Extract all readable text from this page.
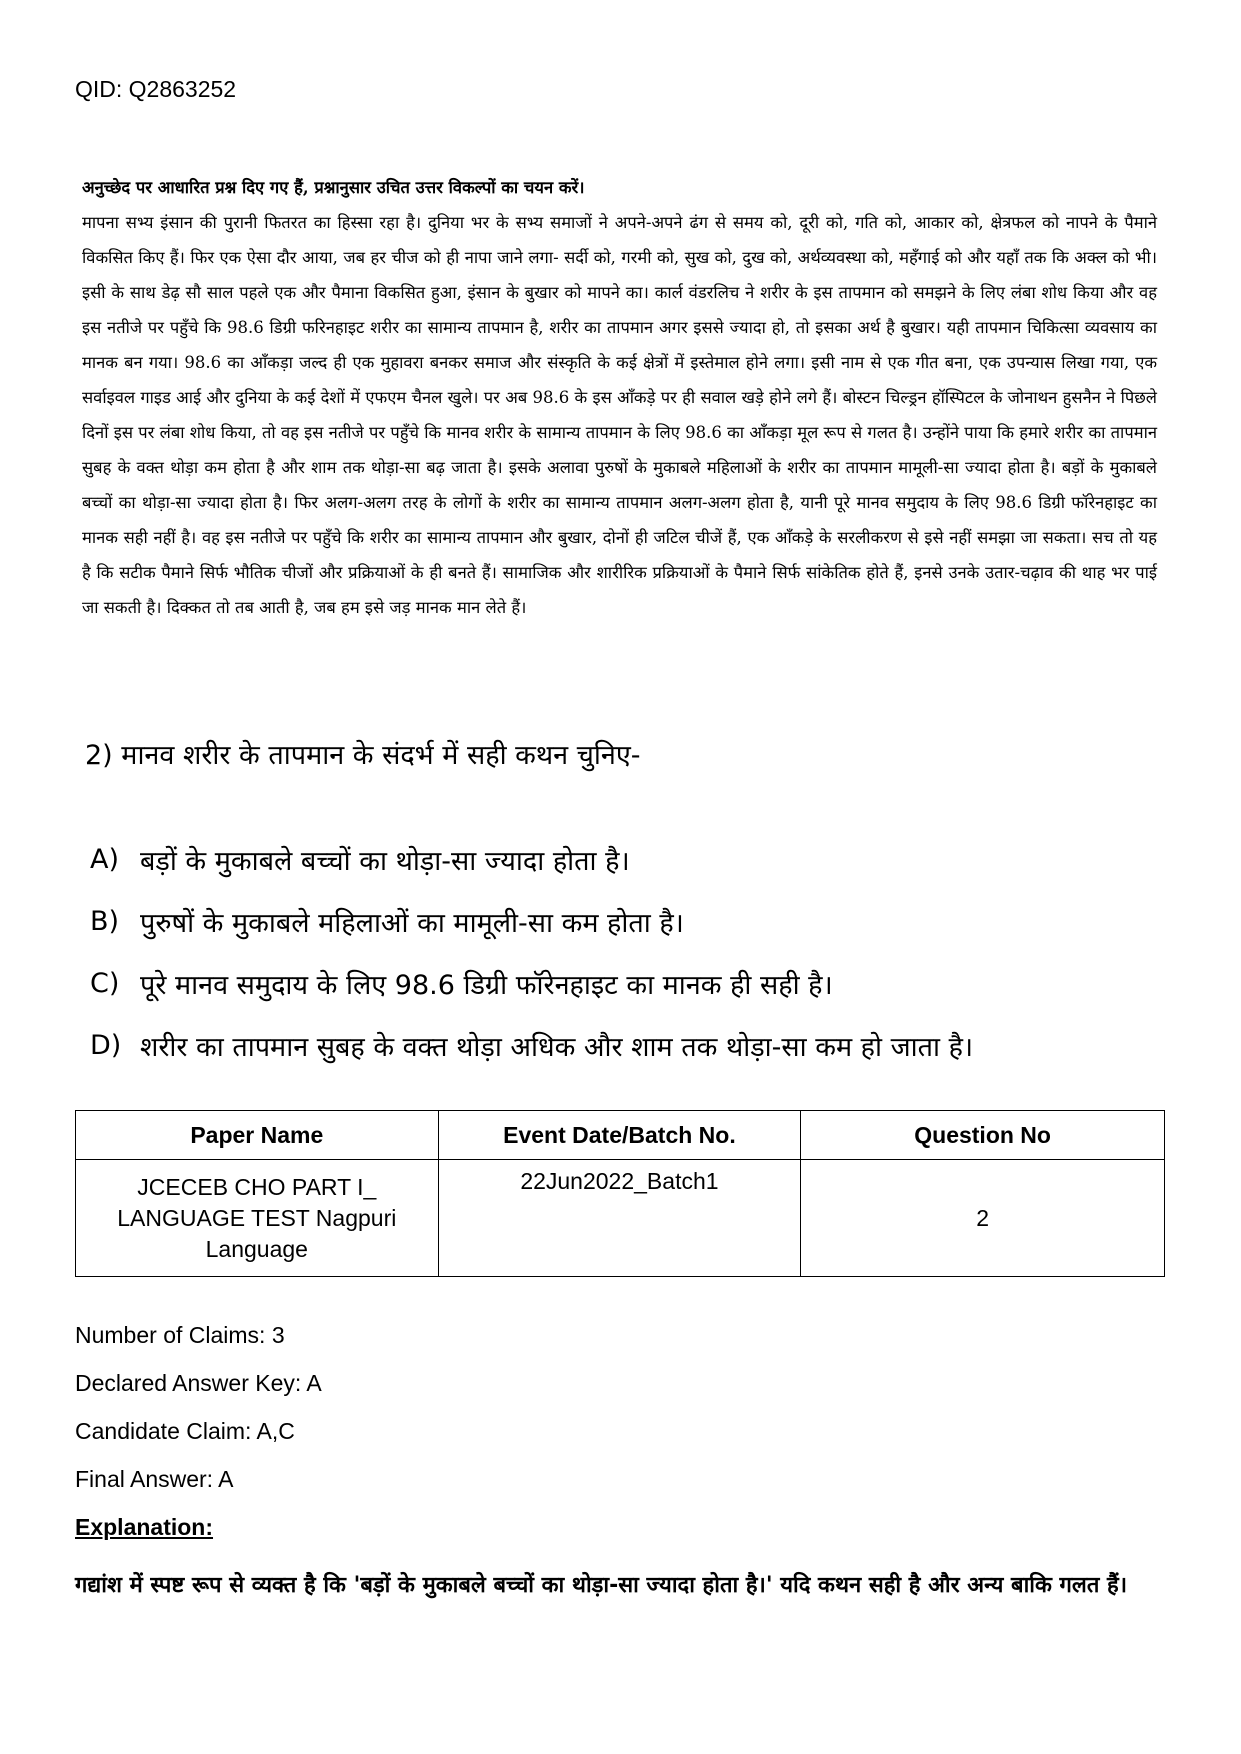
QID: Q2863252
अनुच्छेद पर आधारित प्रश्न दिए गए हैं, प्रश्नानुसार उचित उत्तर विकल्पों का चयन करें।
मापना सभ्य इंसान की पुरानी फितरत का हिस्सा रहा है। दुनिया भर के सभ्य समाजों ने अपने-अपने ढंग से समय को, दूरी को, गति को, आकार को, क्षेत्रफल को नापने के पैमाने विकसित किए हैं। फिर एक ऐसा दौर आया, जब हर चीज को ही नापा जाने लगा- सर्दी को, गरमी को, सुख को, दुख को, अर्थव्यवस्था को, महँगाई को और यहाँ तक कि अक्ल को भी। इसी के साथ डेढ़ सौ साल पहले एक और पैमाना विकसित हुआ, इंसान के बुखार को मापने का। कार्ल वंडरलिच ने शरीर के इस तापमान को समझने के लिए लंबा शोध किया और वह इस नतीजे पर पहुँचे कि 98.6 डिग्री फरिनहाइट शरीर का सामान्य तापमान है, शरीर का तापमान अगर इससे ज्यादा हो, तो इसका अर्थ है बुखार। यही तापमान चिकित्सा व्यवसाय का मानक बन गया। 98.6 का आँकड़ा जल्द ही एक मुहावरा बनकर समाज और संस्कृति के कई क्षेत्रों में इस्तेमाल होने लगा। इसी नाम से एक गीत बना, एक उपन्यास लिखा गया, एक सर्वाइवल गाइड आई और दुनिया के कई देशों में एफएम चैनल खुले। पर अब 98.6 के इस आँकड़े पर ही सवाल खड़े होने लगे हैं। बोस्टन चिल्ड्रन हॉस्पिटल के जोनाथन हुसनैन ने पिछले दिनों इस पर लंबा शोध किया, तो वह इस नतीजे पर पहुँचे कि मानव शरीर के सामान्य तापमान के लिए 98.6 का आँकड़ा मूल रूप से गलत है। उन्होंने पाया कि हमारे शरीर का तापमान सुबह के वक्त थोड़ा कम होता है और शाम तक थोड़ा-सा बढ़ जाता है। इसके अलावा पुरुषों के मुकाबले महिलाओं के शरीर का तापमान मामूली-सा ज्यादा होता है। बड़ों के मुकाबले बच्चों का थोड़ा-सा ज्यादा होता है। फिर अलग-अलग तरह के लोगों के शरीर का सामान्य तापमान अलग-अलग होता है, यानी पूरे मानव समुदाय के लिए 98.6 डिग्री फॉरेनहाइट का मानक सही नहीं है। वह इस नतीजे पर पहुँचे कि शरीर का सामान्य तापमान और बुखार, दोनों ही जटिल चीजें हैं, एक आँकड़े के सरलीकरण से इसे नहीं समझा जा सकता। सच तो यह है कि सटीक पैमाने सिर्फ भौतिक चीजों और प्रक्रियाओं के ही बनते हैं। सामाजिक और शारीरिक प्रक्रियाओं के पैमाने सिर्फ सांकेतिक होते हैं, इनसे उनके उतार-चढ़ाव की थाह भर पाई जा सकती है। दिक्कत तो तब आती है, जब हम इसे जड़ मानक मान लेते हैं।
2) मानव शरीर के तापमान के संदर्भ में सही कथन चुनिए-
A) बड़ों के मुकाबले बच्चों का थोड़ा-सा ज्यादा होता है।
B) पुरुषों के मुकाबले महिलाओं का मामूली-सा कम होता है।
C) पूरे मानव समुदाय के लिए 98.6 डिग्री फॉरेनहाइट का मानक ही सही है।
D) शरीर का तापमान सुबह के वक्त थोड़ा अधिक और शाम तक थोड़ा-सा कम हो जाता है।
Paper Name	Event Date/Batch No.	Question No
JCECEB CHO PART I_ LANGUAGE TEST Nagpuri Language	22Jun2022_Batch1	2
Number of Claims: 3
Declared Answer Key: A
Candidate Claim: A,C
Final Answer: A
Explanation:
गद्यांश में स्पष्ट रूप से व्यक्त है कि 'बड़ों के मुकाबले बच्चों का थोड़ा-सा ज्यादा होता है।' यदि कथन सही है और अन्य बाकि गलत हैं।
